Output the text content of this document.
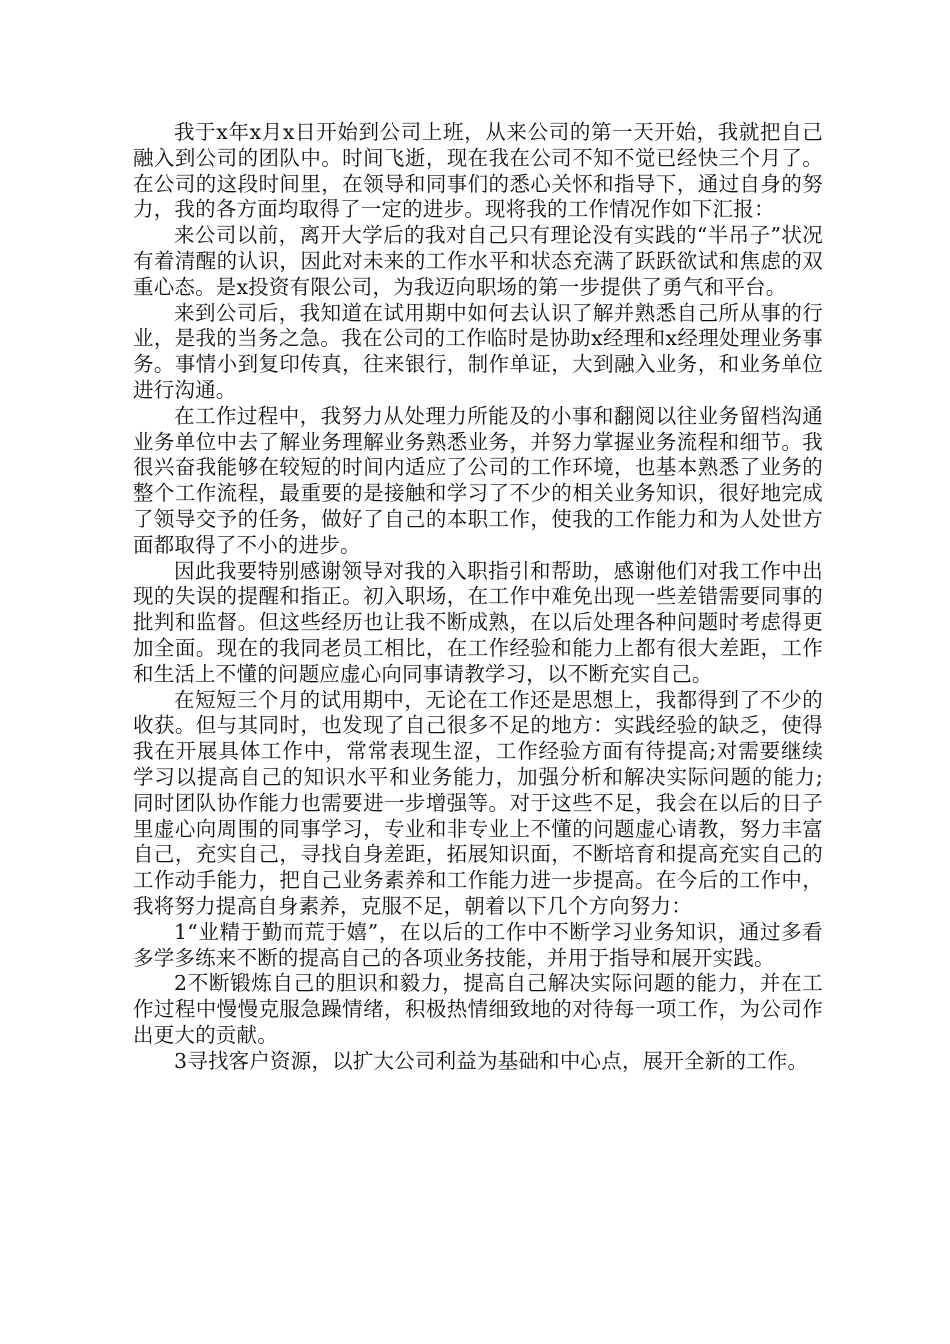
我于x年x月x日开始到公司上班，从来公司的第一天开始，我就把自己融入到公司的团队中。时间飞逝，现在我在公司不知不觉已经快三个月了。在公司的这段时间里，在领导和同事们的悉心关怀和指导下，通过自身的努力，我的各方面均取得了一定的进步。现将我的工作情况作如下汇报：

来公司以前，离开大学后的我对自己只有理论没有实践的“半吊子”状况有着清醒的认识，因此对未来的工作水平和状态充满了跃跃欲试和焦虑的双重心态。是x投资有限公司，为我迈向职场的第一步提供了勇气和平台。

来到公司后，我知道在试用期中如何去认识了解并熟悉自己所从事的行业，是我的当务之急。我在公司的工作临时是协助x经理和x经理处理业务事务。事情小到复印传真，往来银行，制作单证，大到融入业务，和业务单位进行沟通。

在工作过程中，我努力从处理力所能及的小事和翻阅以往业务留档沟通业务单位中去了解业务理解业务熟悉业务，并努力掌握业务流程和细节。我很兴奋我能够在较短的时间内适应了公司的工作环境，也基本熟悉了业务的整个工作流程，最重要的是接触和学习了不少的相关业务知识，很好地完成了领导交予的任务，做好了自己的本职工作，使我的工作能力和为人处世方面都取得了不小的进步。

因此我要特别感谢领导对我的入职指引和帮助，感谢他们对我工作中出现的失误的提醒和指正。初入职场，在工作中难免出现一些差错需要同事的批判和监督。但这些经历也让我不断成熟，在以后处理各种问题时考虑得更加全面。现在的我同老员工相比，在工作经验和能力上都有很大差距，工作和生活上不懂的问题应虚心向同事请教学习，以不断充实自己。

在短短三个月的试用期中，无论在工作还是思想上，我都得到了不少的收获。但与其同时，也发现了自己很多不足的地方：实践经验的缺乏，使得我在开展具体工作中，常常表现生涩，工作经验方面有待提高;对需要继续学习以提高自己的知识水平和业务能力，加强分析和解决实际问题的能力;同时团队协作能力也需要进一步增强等。对于这些不足，我会在以后的日子里虚心向周围的同事学习，专业和非专业上不懂的问题虚心请教，努力丰富自己，充实自己，寻找自身差距，拓展知识面，不断培育和提高充实自己的工作动手能力，把自己业务素养和工作能力进一步提高。在今后的工作中，我将努力提高自身素养，克服不足，朝着以下几个方向努力：

1“业精于勤而荒于嬉”，在以后的工作中不断学习业务知识，通过多看多学多练来不断的提高自己的各项业务技能，并用于指导和展开实践。

2不断锻炼自己的胆识和毅力，提高自己解决实际问题的能力，并在工作过程中慢慢克服急躁情绪，积极热情细致地的对待每一项工作，为公司作出更大的贡献。

3寻找客户资源，以扩大公司利益为基础和中心点，展开全新的工作。
